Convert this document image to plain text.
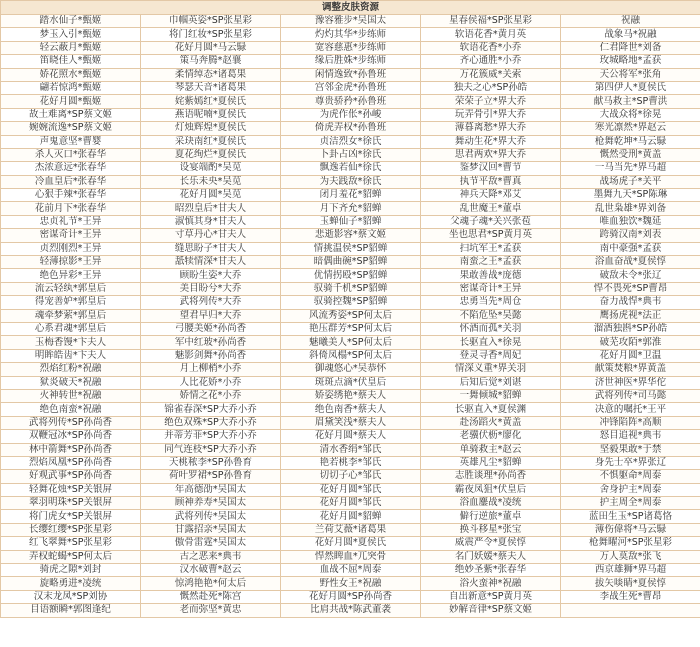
调整皮肤资源				
踏水仙子*甄姬	巾帼英姿*SP张星彩	豫容雅步*吴国太	星春侯福*SP张星彩	祝融
梦玉入引*甄姬	将门红妆*SP张星彩	灼灼其华*步练师	软语花香*黄月英	战象马*祝融
轻云蔽月*甄姬	花好月圆*马云騄	宽容慈惠*步练师	软语花香*小乔	仁君降世*刘备
笛晓佳人*甄姬	策马奔腾*赵襄	缘后胜姝*步练师	齐心通胜*小乔	玫城略地*孟获
娇花照水*甄姬	柔情绰态*诸葛果	闲情逸致*孙鲁班	万花簇威*关索	天公将军*张角
翩若惊鸿*甄姬	琴瑟天音*诸葛果	宫邻金虎*孙鲁班	独夫之心*SP孙皓	第四伊人*夏侯氏
花好月圆*甄姬	姹紫嫣红*夏侯氏	尊贵骄矜*孙鲁班	荣荣子立*界大乔	献马救主*SP曹洪
故土难离*SP蔡文姬	燕语呢喃*夏侯氏	为虎作伥*孙峻	玩弄骨引*界大乔	大战众将*徐晃
婉婉流逸*SP蔡文姬	灯烛辉煌*夏侯氏	倚虎弄权*孙鲁班	薄暮离愁*界大乔	寒光凛然*界赵云
声鬼意坚*曹婴	采玦南红*夏侯氏	贞洁烈女*徐氏	舞动生花*界大乔	枪舞乾坤*马云騄
杀人灭口*张春华	夏花绚烂*夏侯氏	卜卦占凶*徐氏	思君两欢*界大乔	慨然受刑*黄盖
杰浓意远*张春华	设宴端酌*吴苋	飘逸若仙*徐氏	鉴梦汉回*曹节	一马当先*界马超
冷血皇后*张春华	长乐未央*吴苋	为夫践敌*徐氏	执节平敌*曹真	战场虎子*关平
心狠手辣*张春华	花好月圆*吴苋	闭月羞花*貂蝉	神兵天降*邓艾	墨舞九天*SP陈琳
花前月下*张春华	昭烈皇后*甘夫人	月下齐允*貂蝉	乱世魔王*董卓	乱世枭雄*界刘备
忠贞礼节*王异	淑慎其身*甘夫人	玉蝉仙子*貂蝉	父魂子魂*关兴张苞	唯血独饮*魏延
密谋奇计*王异	寸草丹心*甘夫人	悲逝影容*蔡文姬	坐也思君*SP黄月英	跨骑汉南*刘表
贞烈刚烈*王异	缝思盼子*甘夫人	情挑温侯*SP貂蝉	扫坑军王*孟获	南中豪强*孟获
轻薄掠影*王异	舐犊情深*甘夫人	暗偶曲碗*SP貂蝉	南蛮之王*孟获	浴血奋战*夏侯惇
绝色异彩*王异	顾盼生姿*大乔	优情拐殴*SP貂蝉	果敢善战*庞德	破敌未令*张辽
流云轻纨*郭皇后	美目盼兮*大乔	驭骑千机*SP貂蝉	密谋奇计*王异	悍不畏死*SP曹昂
得宠善妒*郭皇后	武将列传*大乔	驭骑控魏*SP貂蝉	忠勇当先*周仓	奋力战悍*典韦
魂牵梦萦*郭皇后	望君早归*大乔	风流秀姿*SP何太后	不陷危坠*吴懿	鹰扬虎视*法正
心系君魂*郭皇后	弓腰美姬*孙尚香	艳压群芳*SP何太后	怀酒而孤*关羽	溜酒独斟*SP孙皓
玉梅香馒*卞夫人	军中红玻*孙尚香	魅曦美人*SP何太后	长驱直入*徐晃	破芜攻陌*郭淮
明眸皓齿*卞夫人	魅影剑舞*孙尚香	斜倚凤榻*SP何太后	登灵寻香*周妃	花好月圆*卫温
烈焰红粉*祝融	月上柳梢*小乔	御魂悠心*吴恭怀	情深义重*界关羽	献策焚粮*界黄盖
狱炎破天*祝融	人比花娇*小乔	斑斑点滴*伏皇后	后知后觉*刘谌	济世神医*界华佗
火神转世*祝融	娇情之花*小乔	娇姿绣艳*蔡夫人	一舞倾城*貂蝉	武将列传*司马懿
绝色南蛮*祝融	锦雀春深*SP大乔小乔	绝色南香*蔡夫人	长驱直入*夏侯渊	决意的嘱托*王平
武将列传*SP孙尚香	绝色双殊*SP大乔小乔	眉黛笑浅*蔡夫人	赴汤蹈火*黄盖	冲锋陷阵*高顺
双鞭冠冰*SP孙尚香	并蒂芳菲*SP大乔小乔	花好月圆*蔡夫人	老骥伏枥*廖化	怒目追视*典韦
林中箭舞*SP孙尚香	同气连枝*SP大乔小乔	清水香绢*邹氏	单骑救主*赵云	坚毅果敢*于禁
烈焰凤凰*SP孙尚香	天桃秾李*SP孙鲁育	艳若桃李*邹氏	英雄凡尘*貂蝉	身先士卒*界张辽
好观武事*SP孙尚香	荷叶罗裙*SP孙鲁育	切切子心*邹氏	志胜谈理*孙尚香	不惧躯命*周泰
轻舞花烛*SP关银屏	年高德劭*吴国太	花好月圆*邹氏	霸夜凤狙*伏皇后	舍身护主*周泰
翠羽明珠*SP关银屏	顾神养寿*吴国太	花好月圆*邹氏	浴血鏖战*凌统	护主周全*周泰
将门虎女*SP关银屏	武将列传*吴国太	花好月圆*貂蝉	僻行逆旅*董卓	蓝田生玉*SP诸葛恪
长缨红缨*SP张星彩	甘露招亲*吴国太	兰荷艾薇*诸葛果	换斗移星*张宝	薄伤偉将*马云騄
红飞翠舞*SP张星彩	傲骨雷霆*吴国太	花好月圆*夏侯氏	威震严令*夏侯惇	枪舞曜河*SP张星彩
弄权蛇蝎*SP何太后	古之恶来*典韦	悍然睥血*兀突骨	名门妖媛*蔡夫人	万人莫敌*张飞
骑虎之隙*刘封	汉水破曹*赵云	血战不屈*周泰	绝妙圣紫*张春华	西京雄狮*界马超
旋略勇进*凌统	惊鸿艳艳*何太后	野性女王*祝融	浴火蛮神*祝融	拔矢啖睛*夏侯惇
汉末龙凤*SP刘协	慨然赴死*陈宫	花好月圆*SP孙尚香	自出新意*SP黄月英	李战生死*曹昂
目语额瞬*郭图逢纪	老而弥坚*黄忠	比肩共战*陈武董袭	妙解音律*SP蔡文姬	
